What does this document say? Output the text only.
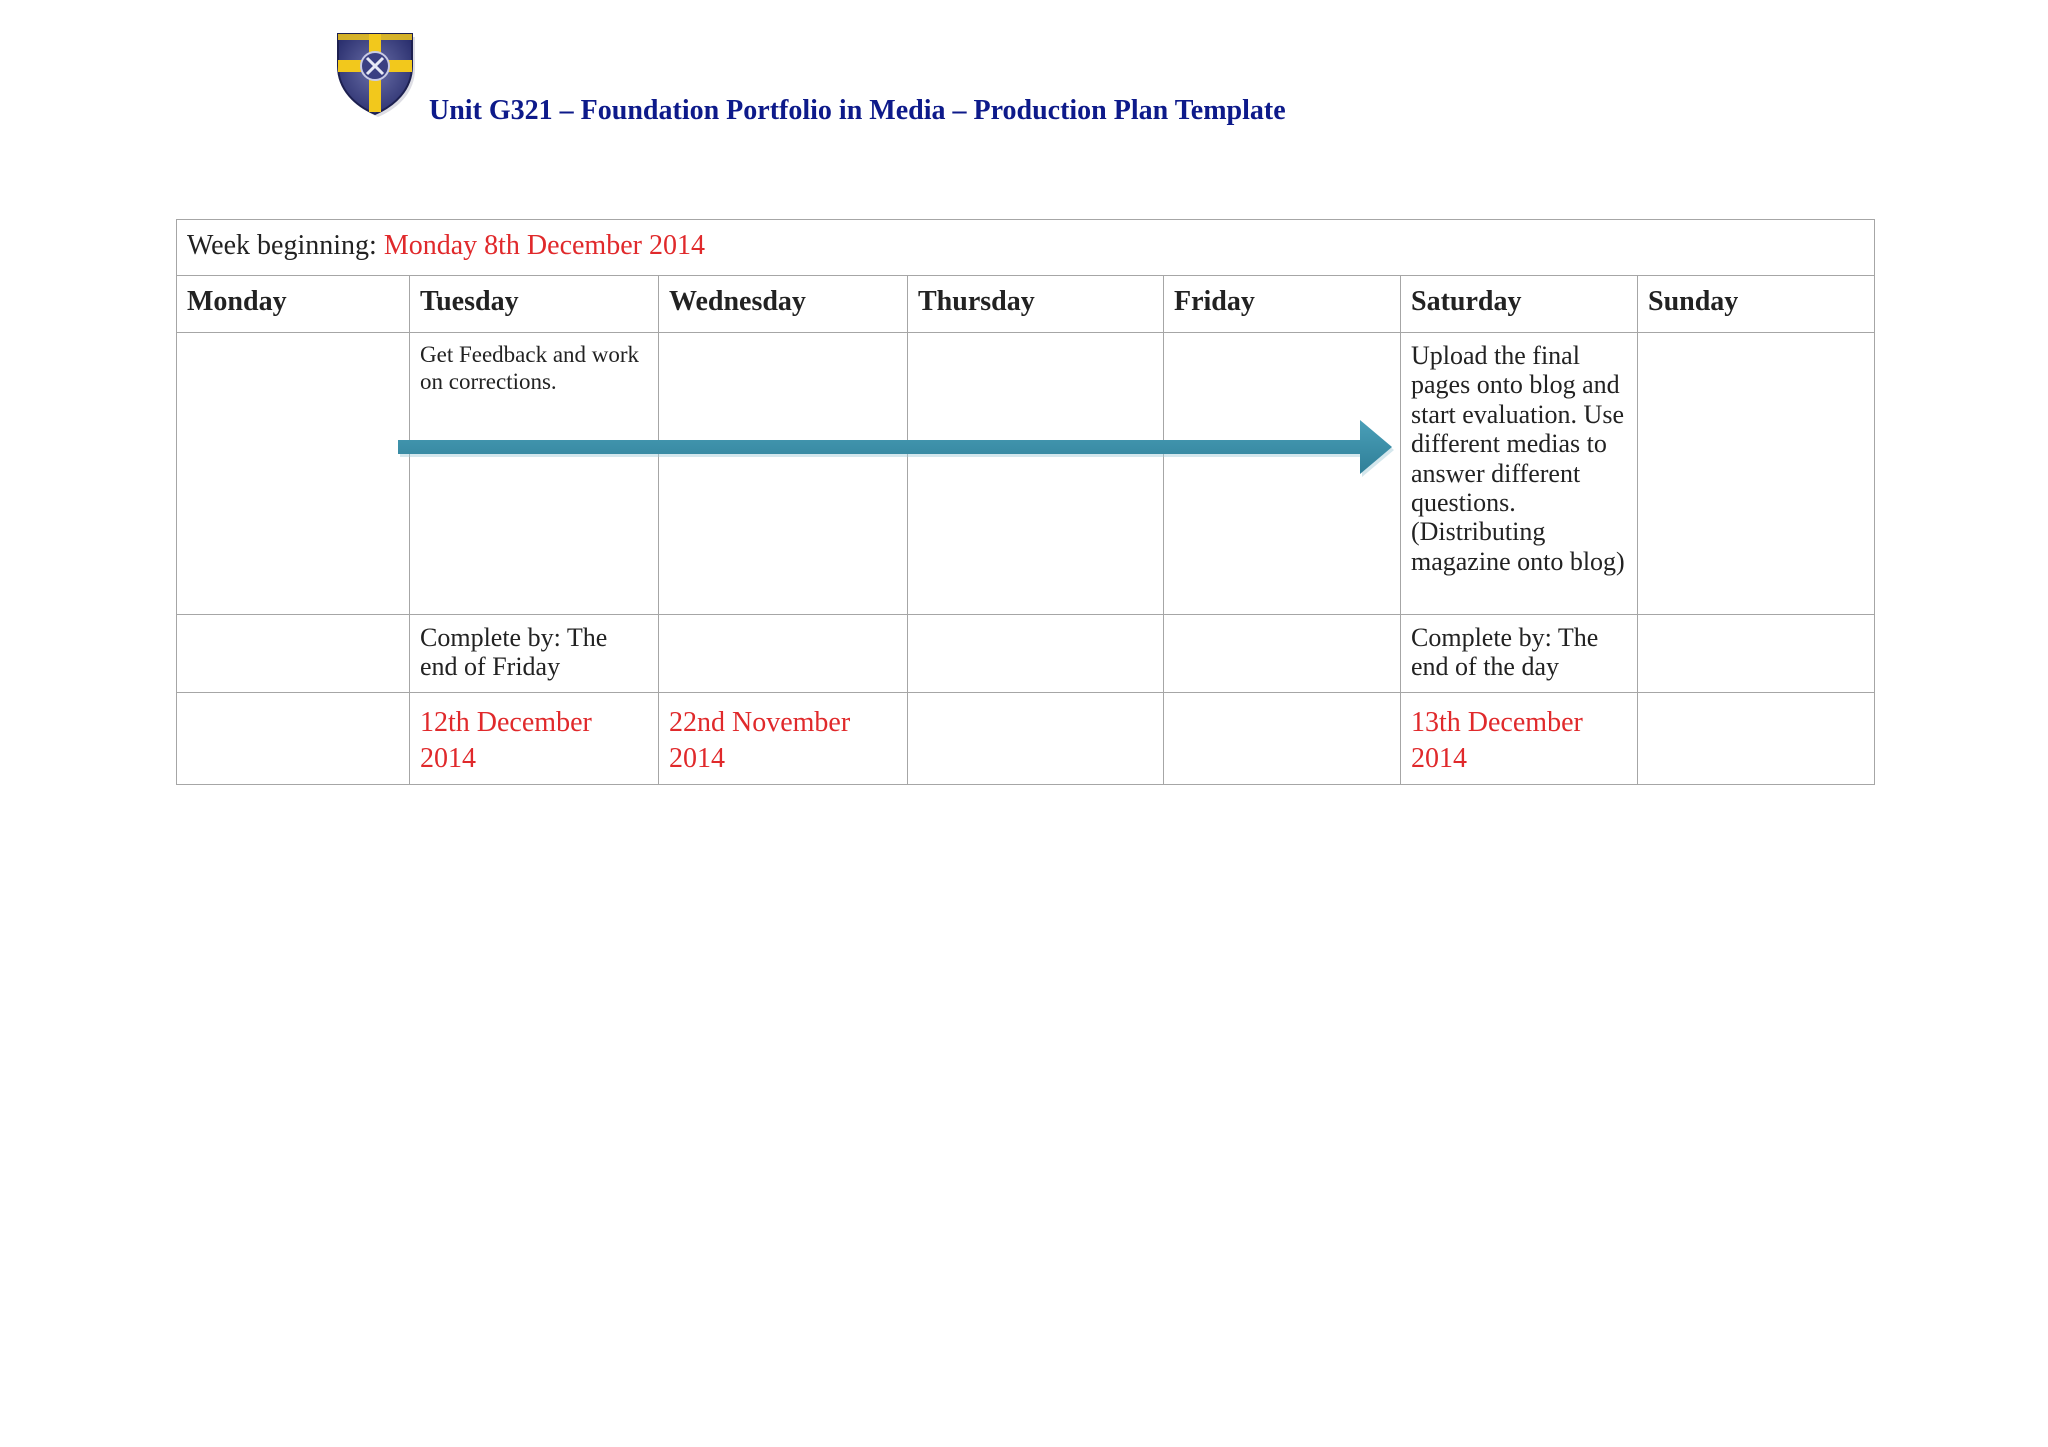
Unit G321 – Foundation Portfolio in Media – Production Plan Template
Week beginning: Monday 8th December 2014						
Monday	Tuesday	Wednesday	Thursday	Friday	Saturday	Sunday
	Get Feedback and work on corrections.				Upload the final pages onto blog and start evaluation. Use different medias to answer different questions. (Distributing magazine onto blog)	
	Complete by: The end of Friday				Complete by: The end of the day	
	12th December 2014	22nd November 2014			13th December 2014	
